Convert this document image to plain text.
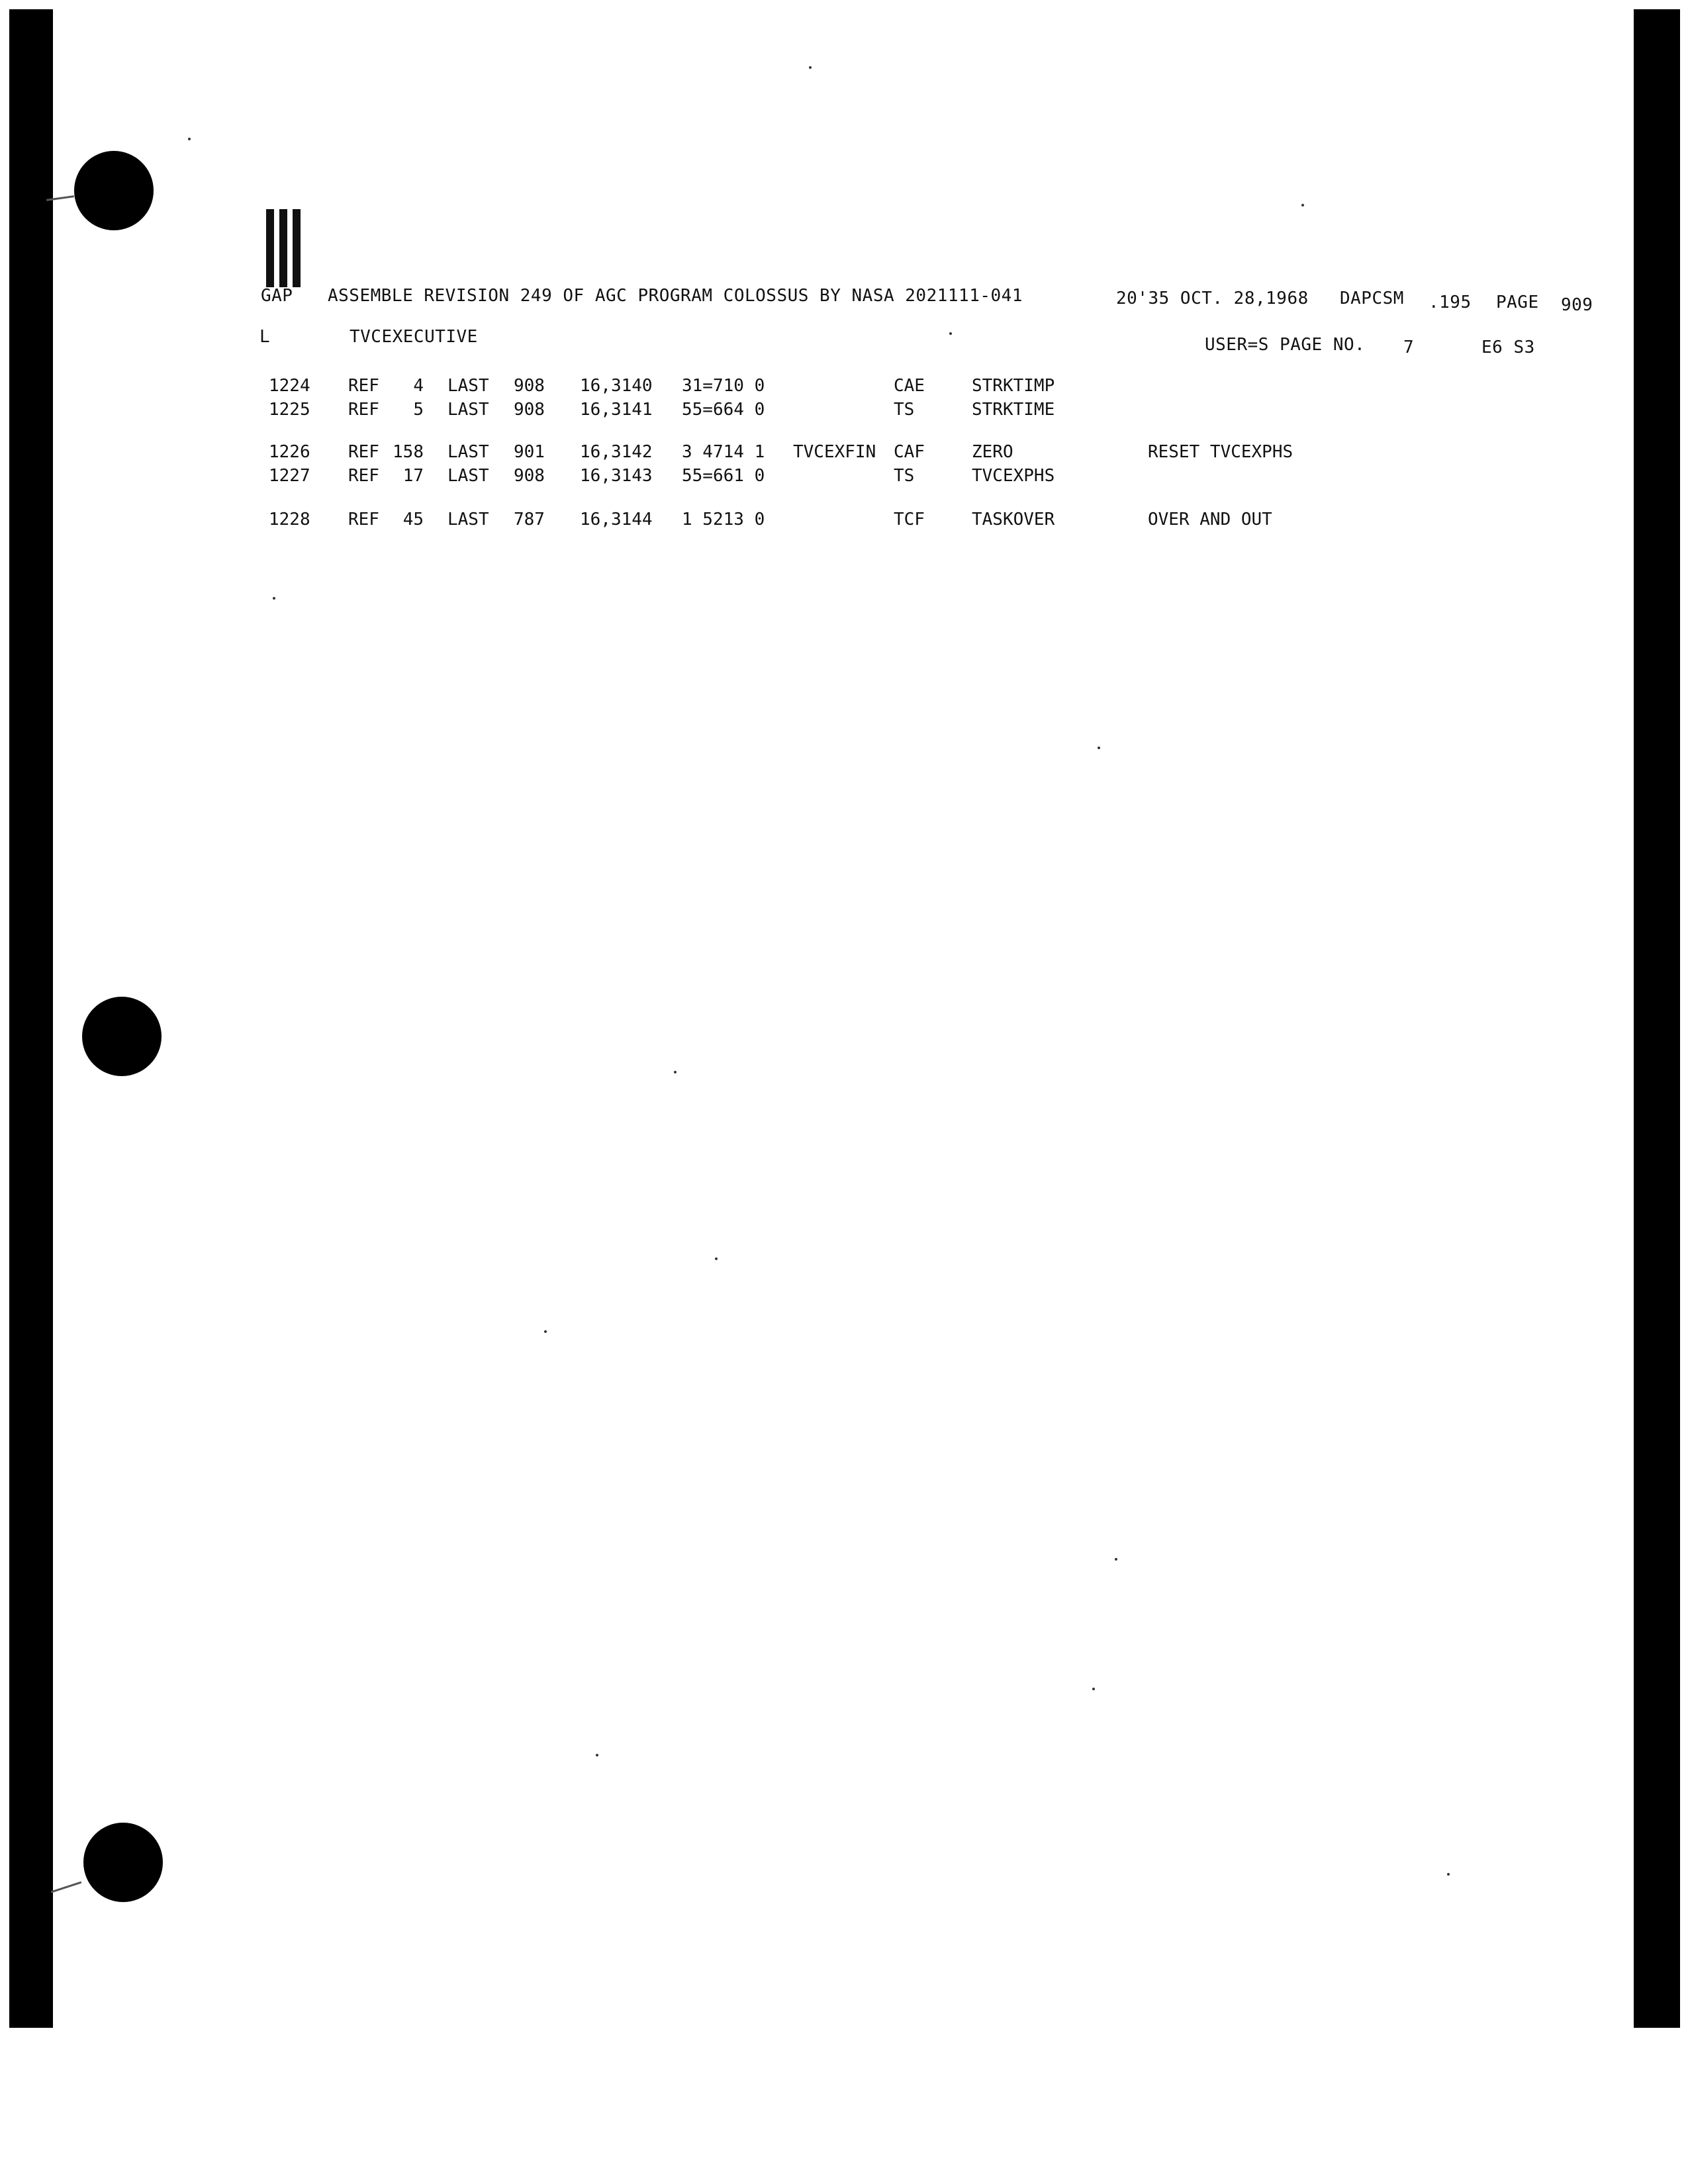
GAP ASSEMBLE REVISION 249 OF AGC PROGRAM COLOSSUS BY NASA 2021111-041	20'35 OCT. 28,1968 DAPCSM .195 PAGE 909
L	TVCEXECUTIVE	USER=S PAGE NO. 7	E6 S3
1224 REF	4 LAST 908 16,3140 31=710 0	CAE	STRKTIMP
1225 REF	5 LAST 908 16,3141 55=664 0	TS	STRKTIME
1226 REF 158 LAST 901 16,3142 3 4714 1 TVCEXFIN CAF	ZERO	RESET TVCEXPHS
1227 REF	17 LAST 908 16,3143 55=661 0	TS	TVCEXPHS
1228 REF	45 LAST 787 16,3144 1 5213 0	TCF	TASKOVER	OVER AND OUT
